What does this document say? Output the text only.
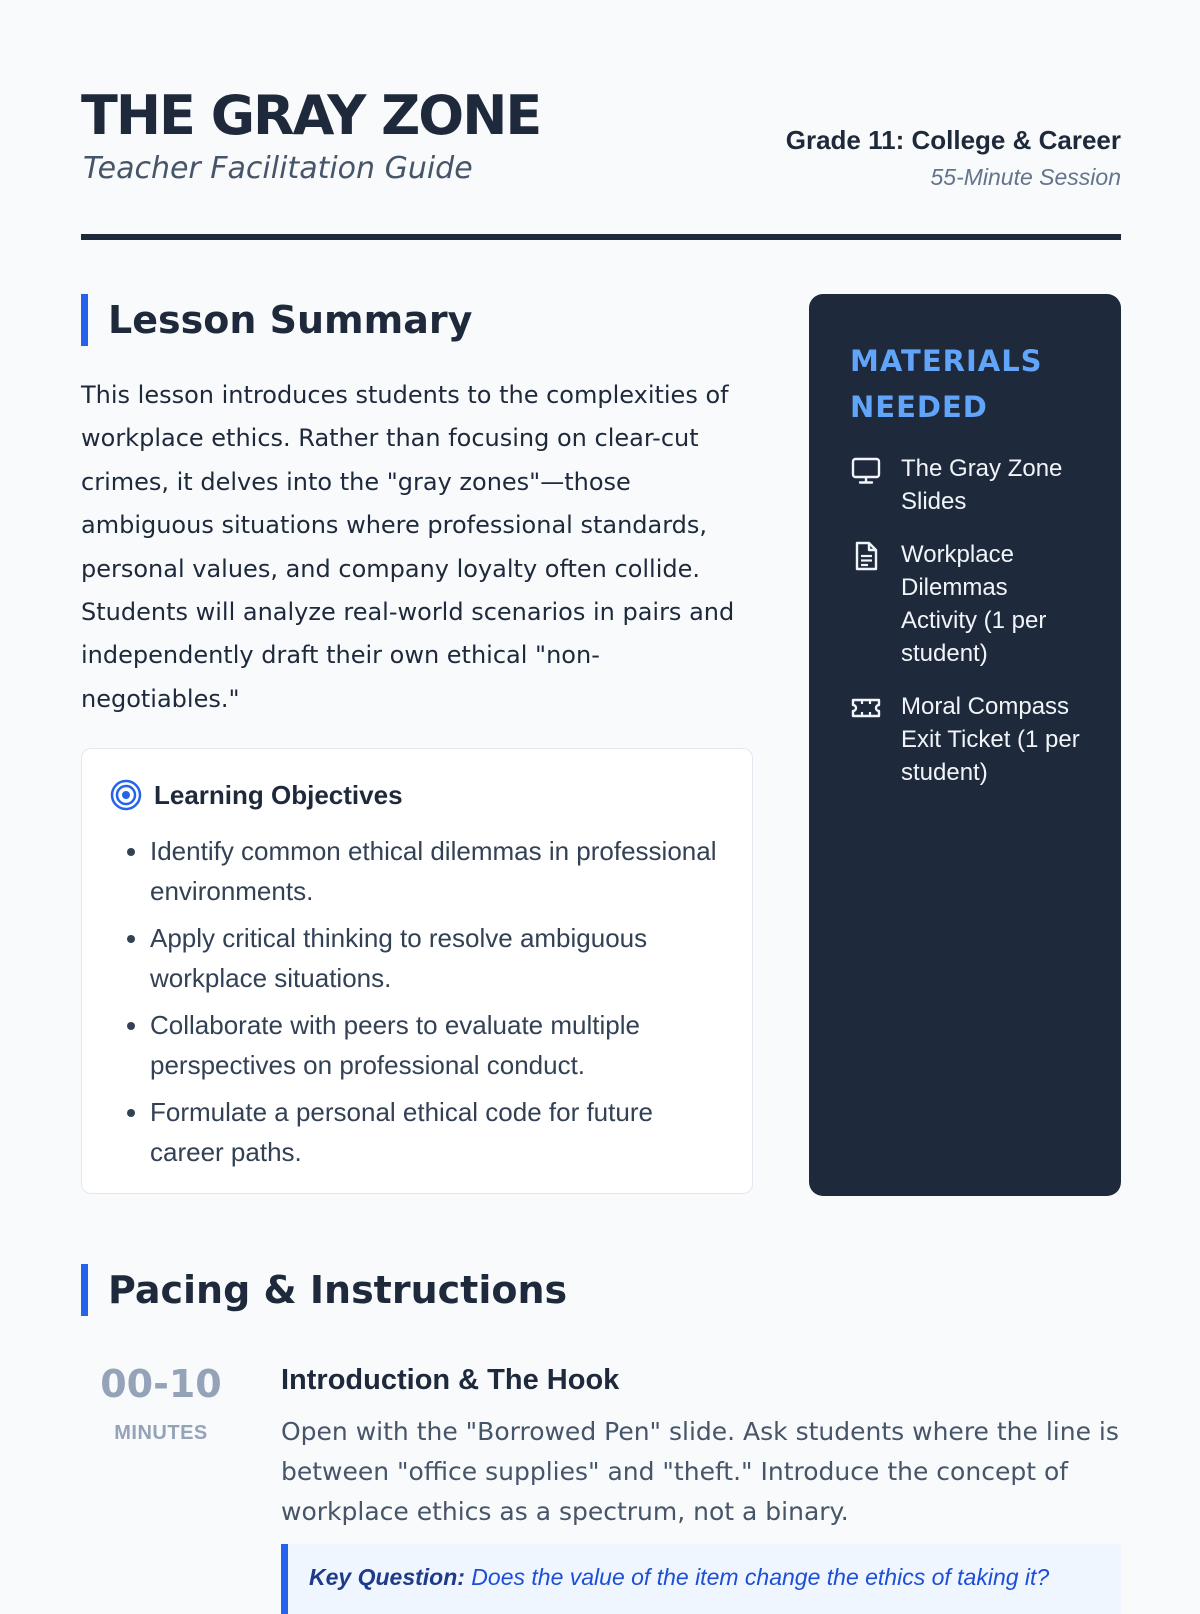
THE GRAY ZONE
Teacher Facilitation Guide
Grade 11: College & Career
55-Minute Session
Lesson Summary

This lesson introduces students to the complexities of workplace ethics. Rather than focusing on clear-cut crimes, it delves into the "gray zones"—those ambiguous situations where professional standards, personal values, and company loyalty often collide. Students will analyze real-world scenarios in pairs and independently draft their own ethical "non-negotiables."

Learning Objectives
• Identify common ethical dilemmas in professional environments.
• Apply critical thinking to resolve ambiguous workplace situations.
• Collaborate with peers to evaluate multiple perspectives on professional conduct.
• Formulate a personal ethical code for future career paths.
MATERIALS NEEDED
The Gray Zone Slides
Workplace Dilemmas Activity (1 per student)
Moral Compass Exit Ticket (1 per student)
Pacing & Instructions
00-10
MINUTES
Introduction & The Hook

Open with the "Borrowed Pen" slide. Ask students where the line is between "office supplies" and "theft." Introduce the concept of workplace ethics as a spectrum, not a binary.

Key Question: Does the value of the item change the ethics of taking it?
